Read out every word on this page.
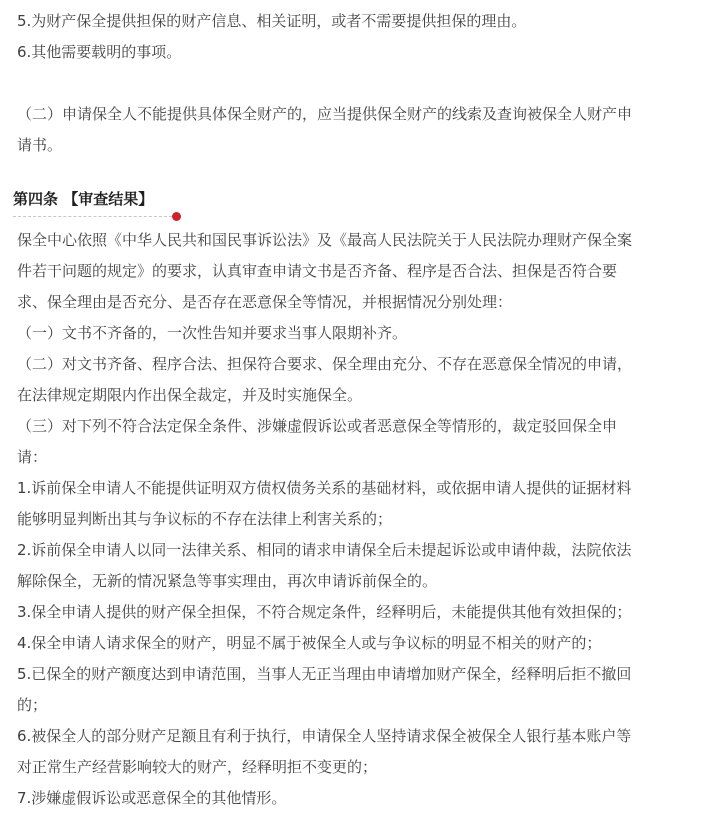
5.为财产保全提供担保的财产信息、相关证明，或者不需要提供担保的理由。

6.其他需要载明的事项。

（二）申请保全人不能提供具体保全财产的，应当提供保全财产的线索及查询被保全人财产申

请书。

第四条 【审查结果】

保全中心依照《中华人民共和国民事诉讼法》及《最高人民法院关于人民法院办理财产保全案

件若干问题的规定》的要求，认真审查申请文书是否齐备、程序是否合法、担保是否符合要

求、保全理由是否充分、是否存在恶意保全等情况，并根据情况分别处理：

（一）文书不齐备的，一次性告知并要求当事人限期补齐。

（二）对文书齐备、程序合法、担保符合要求、保全理由充分、不存在恶意保全情况的申请，

在法律规定期限内作出保全裁定，并及时实施保全。

（三）对下列不符合法定保全条件、涉嫌虚假诉讼或者恶意保全等情形的，裁定驳回保全申

请：

1.诉前保全申请人不能提供证明双方债权债务关系的基础材料，或依据申请人提供的证据材料

能够明显判断出其与争议标的不存在法律上利害关系的；

2.诉前保全申请人以同一法律关系、相同的请求申请保全后未提起诉讼或申请仲裁，法院依法

解除保全，无新的情况紧急等事实理由，再次申请诉前保全的。

3.保全申请人提供的财产保全担保，不符合规定条件，经释明后，未能提供其他有效担保的；

4.保全申请人请求保全的财产，明显不属于被保全人或与争议标的明显不相关的财产的；

5.已保全的财产额度达到申请范围，当事人无正当理由申请增加财产保全，经释明后拒不撤回

的；

6.被保全人的部分财产足额且有利于执行，申请保全人坚持请求保全被保全人银行基本账户等

对正常生产经营影响较大的财产，经释明拒不变更的；

7.涉嫌虚假诉讼或恶意保全的其他情形。
